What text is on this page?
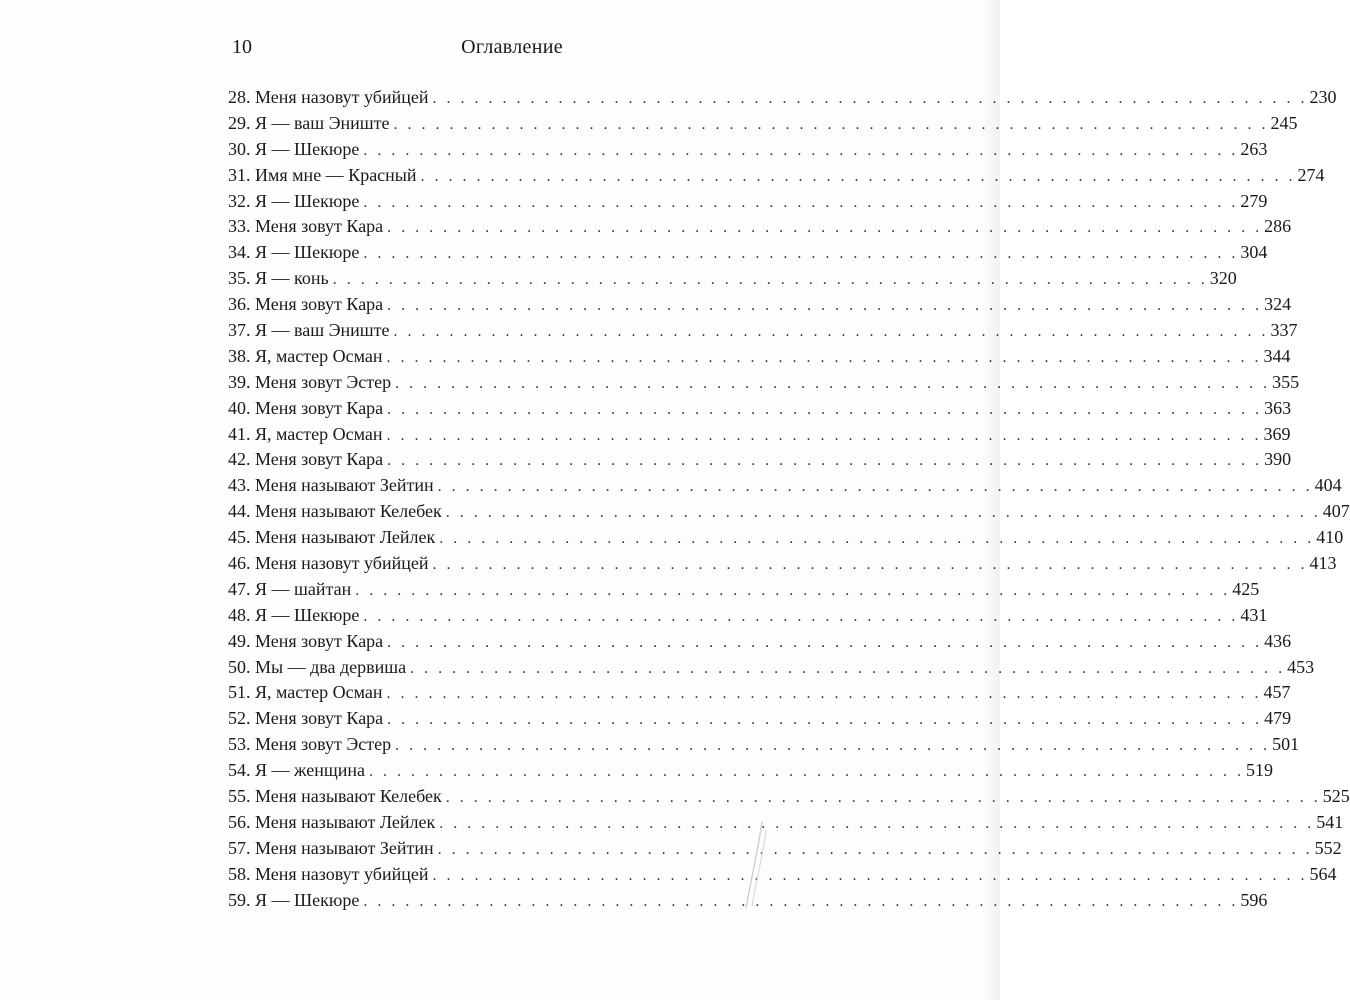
10	Оглавление
28. Меня назовут убийцей . . . . . . . . . . . . . . . . . . . . . . . . . . . . . . . . . . . . . . . . . . . . . . . . . . . . . . . . . . . . . . . 230
29. Я — ваш Эниште . . . . . . . . . . . . . . . . . . . . . . . . . . . . . . . . . . . . . . . . . . . . . . . . . . . . . . . . . . . . . . . 245
30. Я — Шекюре . . . . . . . . . . . . . . . . . . . . . . . . . . . . . . . . . . . . . . . . . . . . . . . . . . . . . . . . . . . . . . . 263
31. Имя мне — Красный . . . . . . . . . . . . . . . . . . . . . . . . . . . . . . . . . . . . . . . . . . . . . . . . . . . . . . . . . . . . . . . 274
32. Я — Шекюре . . . . . . . . . . . . . . . . . . . . . . . . . . . . . . . . . . . . . . . . . . . . . . . . . . . . . . . . . . . . . . . 279
33. Меня зовут Кара . . . . . . . . . . . . . . . . . . . . . . . . . . . . . . . . . . . . . . . . . . . . . . . . . . . . . . . . . . . . . . . 286
34. Я — Шекюре . . . . . . . . . . . . . . . . . . . . . . . . . . . . . . . . . . . . . . . . . . . . . . . . . . . . . . . . . . . . . . . 304
35. Я — конь . . . . . . . . . . . . . . . . . . . . . . . . . . . . . . . . . . . . . . . . . . . . . . . . . . . . . . . . . . . . . . . 320
36. Меня зовут Кара . . . . . . . . . . . . . . . . . . . . . . . . . . . . . . . . . . . . . . . . . . . . . . . . . . . . . . . . . . . . . . . 324
37. Я — ваш Эниште . . . . . . . . . . . . . . . . . . . . . . . . . . . . . . . . . . . . . . . . . . . . . . . . . . . . . . . . . . . . . . . 337
38. Я, мастер Осман . . . . . . . . . . . . . . . . . . . . . . . . . . . . . . . . . . . . . . . . . . . . . . . . . . . . . . . . . . . . . . . 344
39. Меня зовут Эстер . . . . . . . . . . . . . . . . . . . . . . . . . . . . . . . . . . . . . . . . . . . . . . . . . . . . . . . . . . . . . . . 355
40. Меня зовут Кара . . . . . . . . . . . . . . . . . . . . . . . . . . . . . . . . . . . . . . . . . . . . . . . . . . . . . . . . . . . . . . . 363
41. Я, мастер Осман . . . . . . . . . . . . . . . . . . . . . . . . . . . . . . . . . . . . . . . . . . . . . . . . . . . . . . . . . . . . . . . 369
42. Меня зовут Кара . . . . . . . . . . . . . . . . . . . . . . . . . . . . . . . . . . . . . . . . . . . . . . . . . . . . . . . . . . . . . . . 390
43. Меня называют Зейтин . . . . . . . . . . . . . . . . . . . . . . . . . . . . . . . . . . . . . . . . . . . . . . . . . . . . . . . . . . . . . . . 404
44. Меня называют Келебек . . . . . . . . . . . . . . . . . . . . . . . . . . . . . . . . . . . . . . . . . . . . . . . . . . . . . . . . . . . . . . . 407
45. Меня называют Лейлек . . . . . . . . . . . . . . . . . . . . . . . . . . . . . . . . . . . . . . . . . . . . . . . . . . . . . . . . . . . . . . . 410
46. Меня назовут убийцей . . . . . . . . . . . . . . . . . . . . . . . . . . . . . . . . . . . . . . . . . . . . . . . . . . . . . . . . . . . . . . . 413
47. Я — шайтан . . . . . . . . . . . . . . . . . . . . . . . . . . . . . . . . . . . . . . . . . . . . . . . . . . . . . . . . . . . . . . . 425
48. Я — Шекюре . . . . . . . . . . . . . . . . . . . . . . . . . . . . . . . . . . . . . . . . . . . . . . . . . . . . . . . . . . . . . . . 431
49. Меня зовут Кара . . . . . . . . . . . . . . . . . . . . . . . . . . . . . . . . . . . . . . . . . . . . . . . . . . . . . . . . . . . . . . . 436
50. Мы — два дервиша . . . . . . . . . . . . . . . . . . . . . . . . . . . . . . . . . . . . . . . . . . . . . . . . . . . . . . . . . . . . . . . 453
51. Я, мастер Осман . . . . . . . . . . . . . . . . . . . . . . . . . . . . . . . . . . . . . . . . . . . . . . . . . . . . . . . . . . . . . . . 457
52. Меня зовут Кара . . . . . . . . . . . . . . . . . . . . . . . . . . . . . . . . . . . . . . . . . . . . . . . . . . . . . . . . . . . . . . . 479
53. Меня зовут Эстер . . . . . . . . . . . . . . . . . . . . . . . . . . . . . . . . . . . . . . . . . . . . . . . . . . . . . . . . . . . . . . . 501
54. Я — женщина . . . . . . . . . . . . . . . . . . . . . . . . . . . . . . . . . . . . . . . . . . . . . . . . . . . . . . . . . . . . . . . 519
55. Меня называют Келебек . . . . . . . . . . . . . . . . . . . . . . . . . . . . . . . . . . . . . . . . . . . . . . . . . . . . . . . . . . . . . . . 525
56. Меня называют Лейлек . . . . . . . . . . . . . . . . . . . . . . . . . . . . . . . . . . . . . . . . . . . . . . . . . . . . . . . . . . . . . . . 541
57. Меня называют Зейтин . . . . . . . . . . . . . . . . . . . . . . . . . . . . . . . . . . . . . . . . . . . . . . . . . . . . . . . . . . . . . . . 552
58. Меня назовут убийцей . . . . . . . . . . . . . . . . . . . . . . . . . . . . . . . . . . . . . . . . . . . . . . . . . . . . . . . . . . . . . . . 564
59. Я — Шекюре . . . . . . . . . . . . . . . . . . . . . . . . . . . . . . . . . . . . . . . . . . . . . . . . . . . . . . . . . . . . . . . 596
